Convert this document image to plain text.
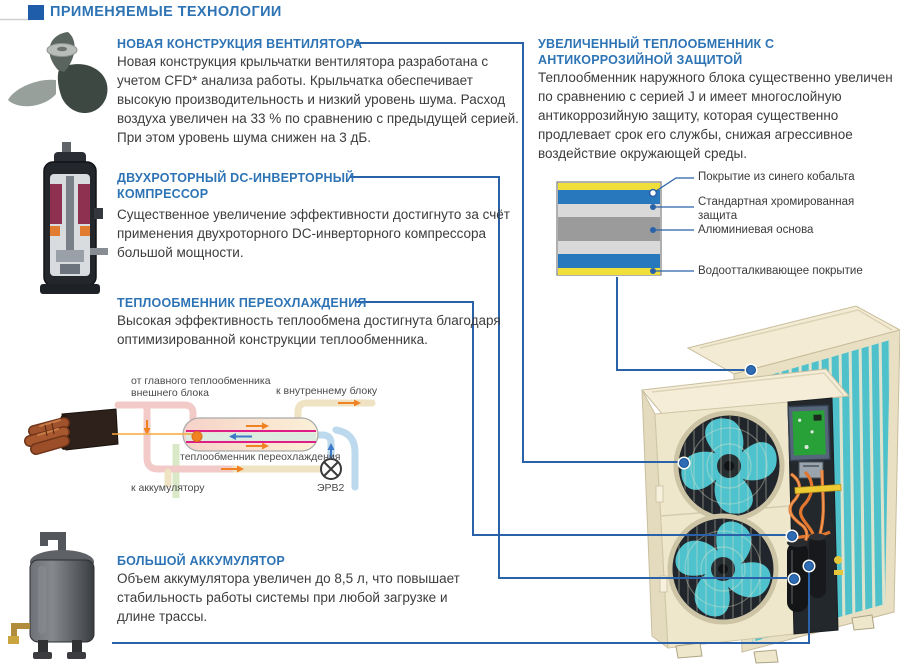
ПРИМЕНЯЕМЫЕ ТЕХНОЛОГИИ
НОВАЯ КОНСТРУКЦИЯ ВЕНТИЛЯТОРА
Новая конструкция крыльчатки вентилятора разработана с учетом CFD* анализа работы. Крыльчатка обеспечивает высокую производительность и низкий уровень шума. Расход воздуха увеличен на 33 % по сравнению с предыдущей серией. При этом уровень шума снижен на 3 дБ.
ДВУХРОТОРНЫЙ DC-ИНВЕРТОРНЫЙ КОМПРЕССОР
Существенное увеличение эффективности достигнуто за счёт применения двухроторного DC-инверторного компрессора большой мощности.
ТЕПЛООБМЕННИК ПЕРЕОХЛАЖДЕНИЯ
Высокая эффективность теплообмена достигнута благодаря оптимизированной конструкции теплообменника.
от главного теплообменника внешнего блока	к внутреннему блоку
теплообменник переохлаждения
к аккумулятору	ЭРВ2
БОЛЬШОЙ АККУМУЛЯТОР
Объем аккумулятора увеличен до 8,5 л, что повышает стабильность работы системы при любой загрузке и длине трассы.
УВЕЛИЧЕННЫЙ ТЕПЛООБМЕННИК С АНТИКОРРОЗИЙНОЙ ЗАЩИТОЙ
Теплообменник наружного блока существенно увеличен по сравнению с серией J и имеет многослойную антикоррозийную защиту, которая существенно продлевает срок его службы, снижая агрессивное воздействие окружающей среды.
Покрытие из синего кобальта
Стандартная хромированная защита
Алюминиевая основа
Водоотталкивающее покрытие
